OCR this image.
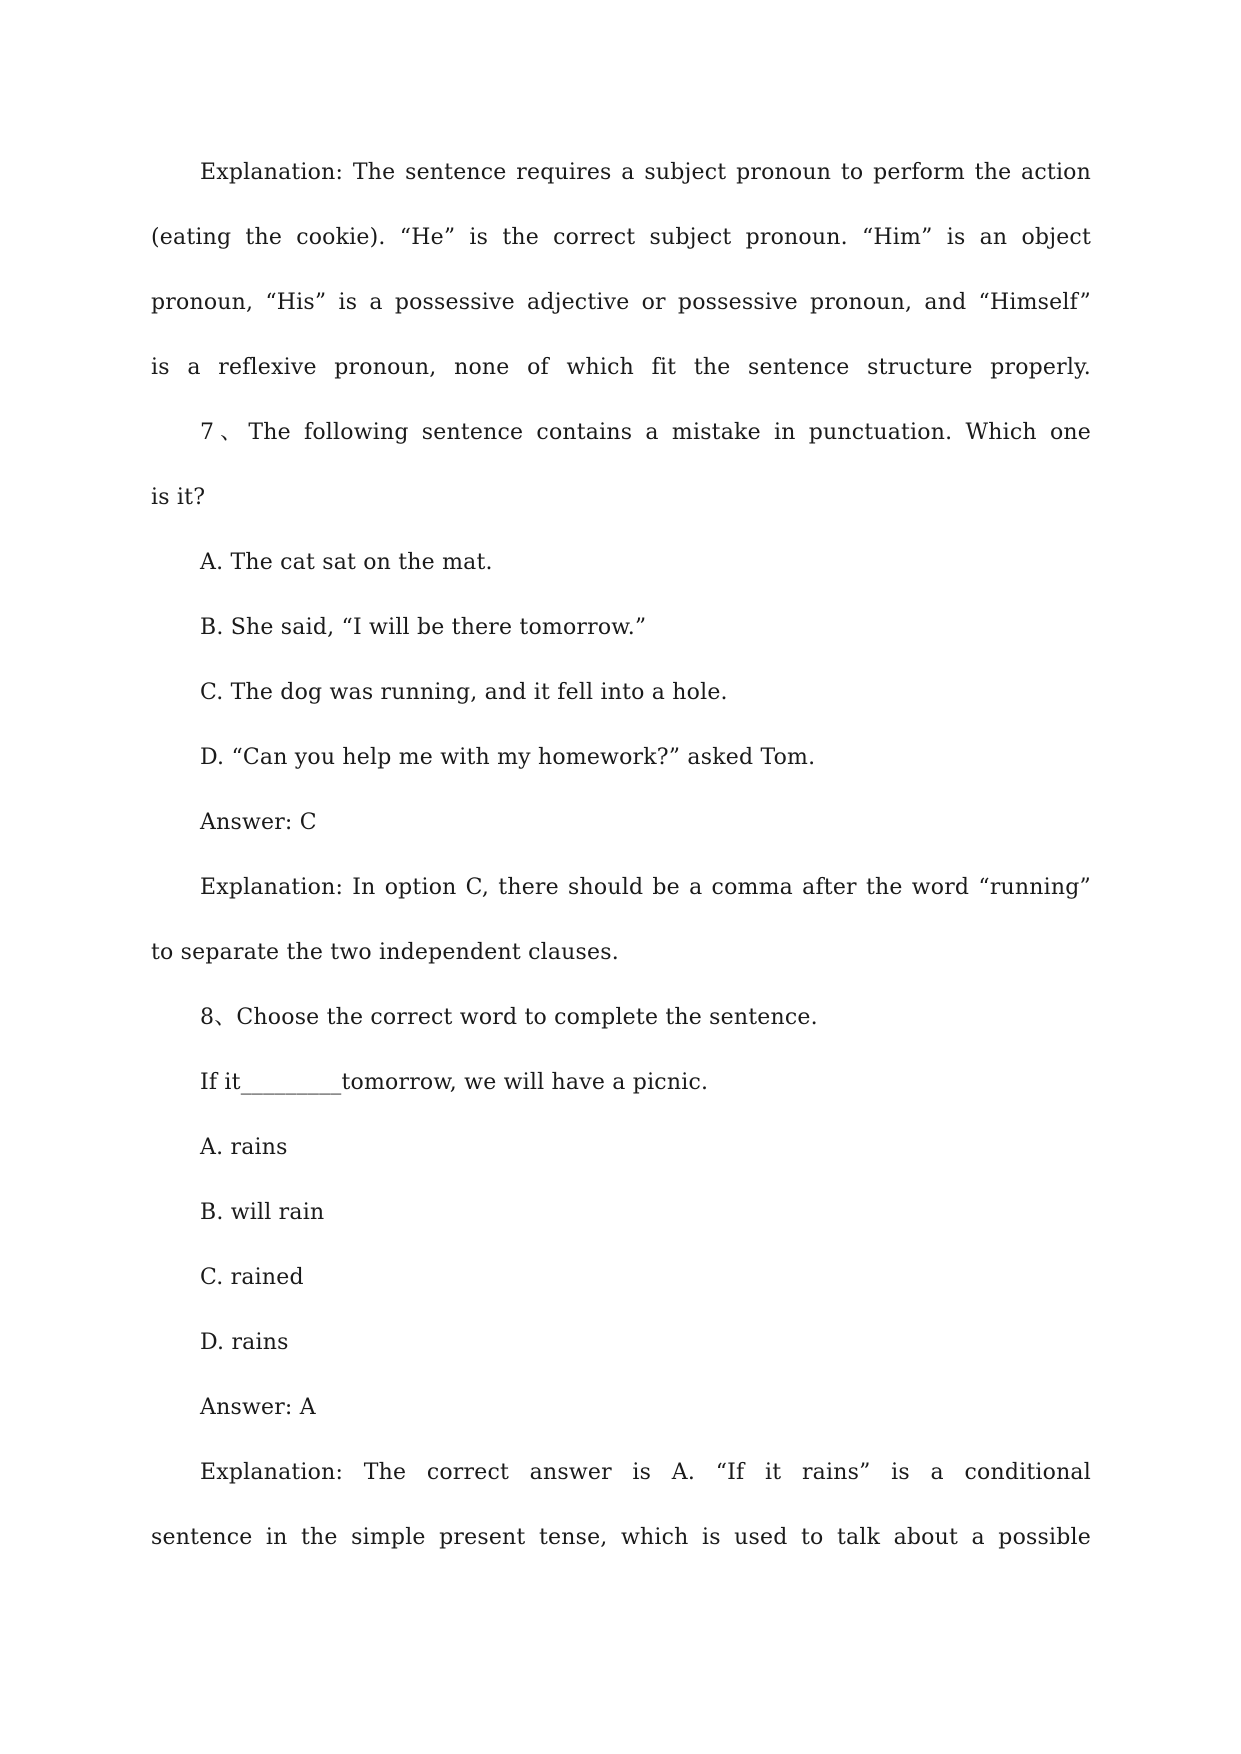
Explanation: The sentence requires a subject pronoun to perform the action
(eating the cookie). “He” is the correct subject pronoun. “Him” is an object
pronoun, “His” is a possessive adjective or possessive pronoun, and “Himself”
is a reflexive pronoun, none of which fit the sentence structure properly.
7、The following sentence contains a mistake in punctuation. Which one
is it?
A. The cat sat on the mat.
B. She said, “I will be there tomorrow.”
C. The dog was running, and it fell into a hole.
D. “Can you help me with my homework?” asked Tom.
Answer: C
Explanation: In option C, there should be a comma after the word “running”
to separate the two independent clauses.
8、Choose the correct word to complete the sentence.
If it_________tomorrow, we will have a picnic.
A. rains
B. will rain
C. rained
D. rains
Answer: A
Explanation: The correct answer is A. “If it rains” is a conditional
sentence in the simple present tense, which is used to talk about a possible
